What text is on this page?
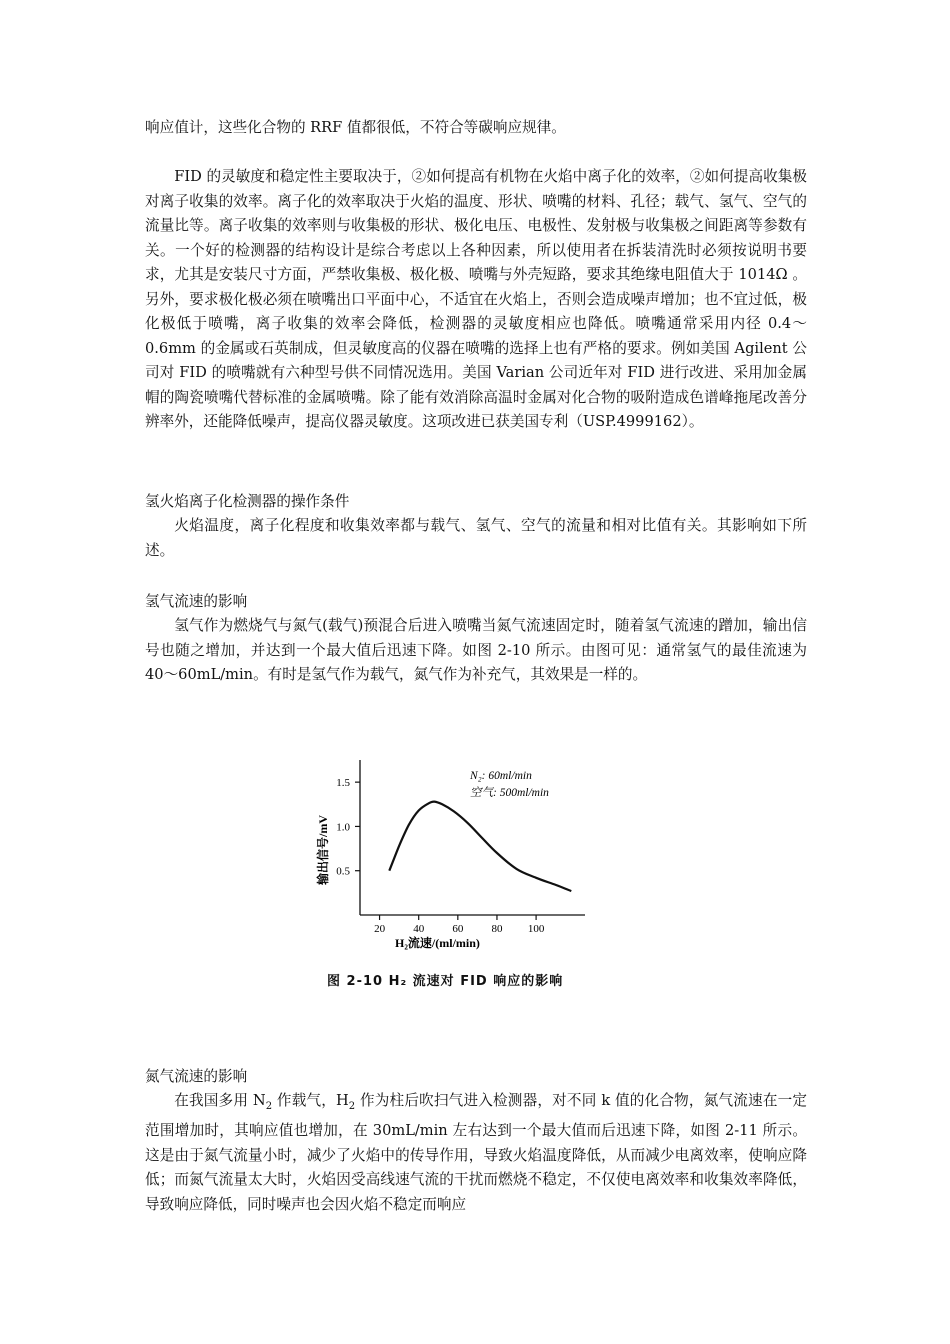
响应值计，这些化合物的 RRF 值都很低，不符合等碳响应规律。

FID 的灵敏度和稳定性主要取决于，②如何提高有机物在火焰中离子化的效率，②如何提高收集极对离子收集的效率。离子化的效率取决于火焰的温度、形状、喷嘴的材料、孔径；载气、氢气、空气的流量比等。离子收集的效率则与收集极的形状、极化电压、电极性、发射极与收集极之间距离等参数有关。一个好的检测器的结构设计是综合考虑以上各种因素，所以使用者在拆装清洗时必须按说明书要求，尤其是安装尺寸方面，严禁收集极、极化极、喷嘴与外壳短路，要求其绝缘电阻值大于 1014Ω 。另外，要求极化极必须在喷嘴出口平面中心，不适宜在火焰上，否则会造成噪声增加；也不宜过低，极化极低于喷嘴，离子收集的效率会降低，检测器的灵敏度相应也降低。喷嘴通常采用内径 0.4～0.6mm 的金属或石英制成，但灵敏度高的仪器在喷嘴的选择上也有严格的要求。例如美国 Agilent 公司对 FID 的喷嘴就有六种型号供不同情况选用。美国 Varian 公司近年对 FID 进行改进、采用加金属帽的陶瓷喷嘴代替标准的金属喷嘴。除了能有效消除高温时金属对化合物的吸附造成色谱峰拖尾改善分辨率外，还能降低噪声，提高仪器灵敏度。这项改进已获美国专利（USP.4999162）。

氢火焰离子化检测器的操作条件

火焰温度，离子化程度和收集效率都与载气、氢气、空气的流量和相对比值有关。其影响如下所述。

氢气流速的影响

氢气作为燃烧气与氮气(载气)预混合后进入喷嘴当氮气流速固定时，随着氢气流速的蹭加，输出信号也随之增加，并达到一个最大值后迅速下降。如图 2-10 所示。由图可见：通常氢气的最佳流速为 40～60mL/min。有时是氢气作为载气，氮气作为补充气，其效果是一样的。

0.5
1.0
1.5
20	40	60	80 100
输出信号/mV
H₂流速/(ml/min)
N₂: 60ml/min
空气: 500ml/min

图 2-10 H₂ 流速对 FID 响应的影响

氮气流速的影响

在我国多用 $N_2$ 作载气，$H_2$ 作为柱后吹扫气进入检测器，对不同 k 值的化合物，氮气流速在一定范围增加时，其响应值也增加，在 30mL/min 左右达到一个最大值而后迅速下降，如图 2-11 所示。这是由于氮气流量小时，减少了火焰中的传导作用，导致火焰温度降低，从而减少电离效率，使响应降低；而氮气流量太大时，火焰因受高线速气流的干扰而燃烧不稳定，不仅使电离效率和收集效率降低，导致响应降低，同时噪声也会因火焰不稳定而响应
